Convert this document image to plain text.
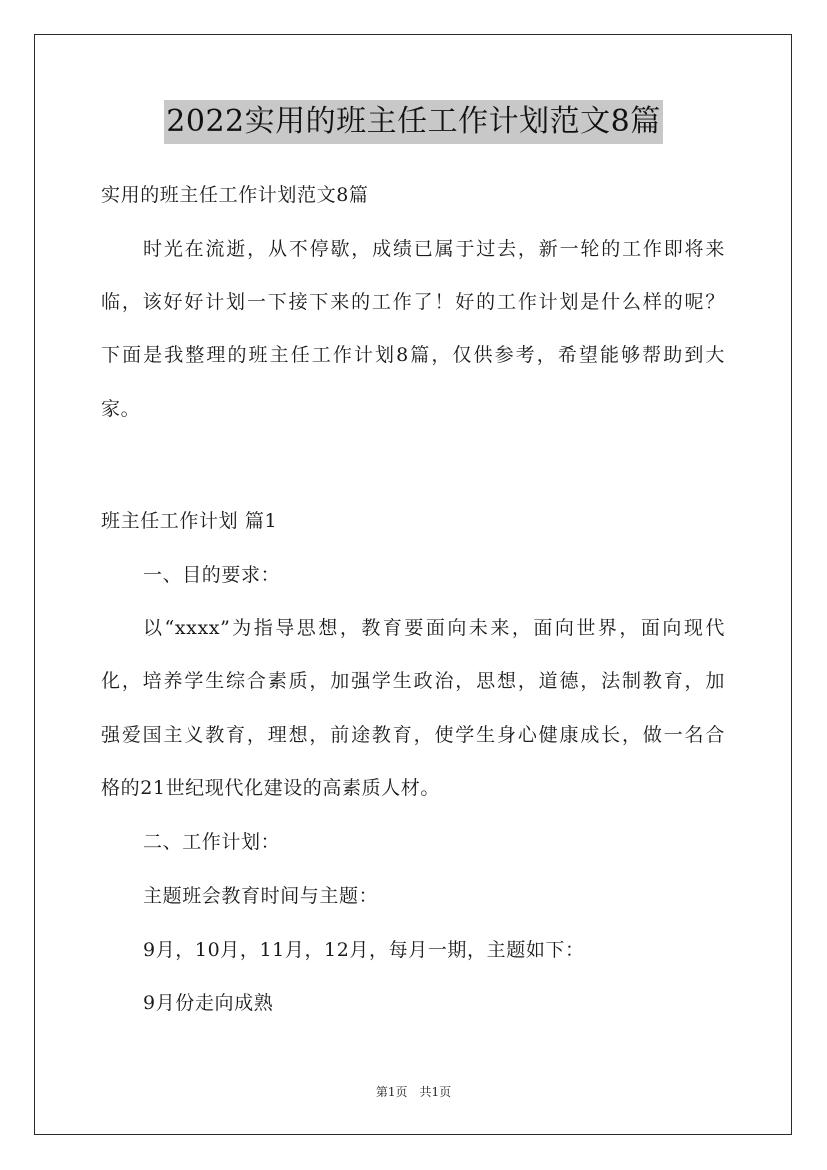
2022实用的班主任工作计划范文8篇
实用的班主任工作计划范文8篇
时光在流逝，从不停歇，成绩已属于过去，新一轮的工作即将来
临，该好好计划一下接下来的工作了！好的工作计划是什么样的呢？
下面是我整理的班主任工作计划8篇，仅供参考，希望能够帮助到大
家。
班主任工作计划 篇1
一、目的要求：
以“xxxx”为指导思想，教育要面向未来，面向世界，面向现代
化，培养学生综合素质，加强学生政治，思想，道德，法制教育，加
强爱国主义教育，理想，前途教育，使学生身心健康成长，做一名合
格的21世纪现代化建设的高素质人材。
二、工作计划：
主题班会教育时间与主题：
9月，10月，11月，12月，每月一期，主题如下：
9月份走向成熟
第1页　共1页
